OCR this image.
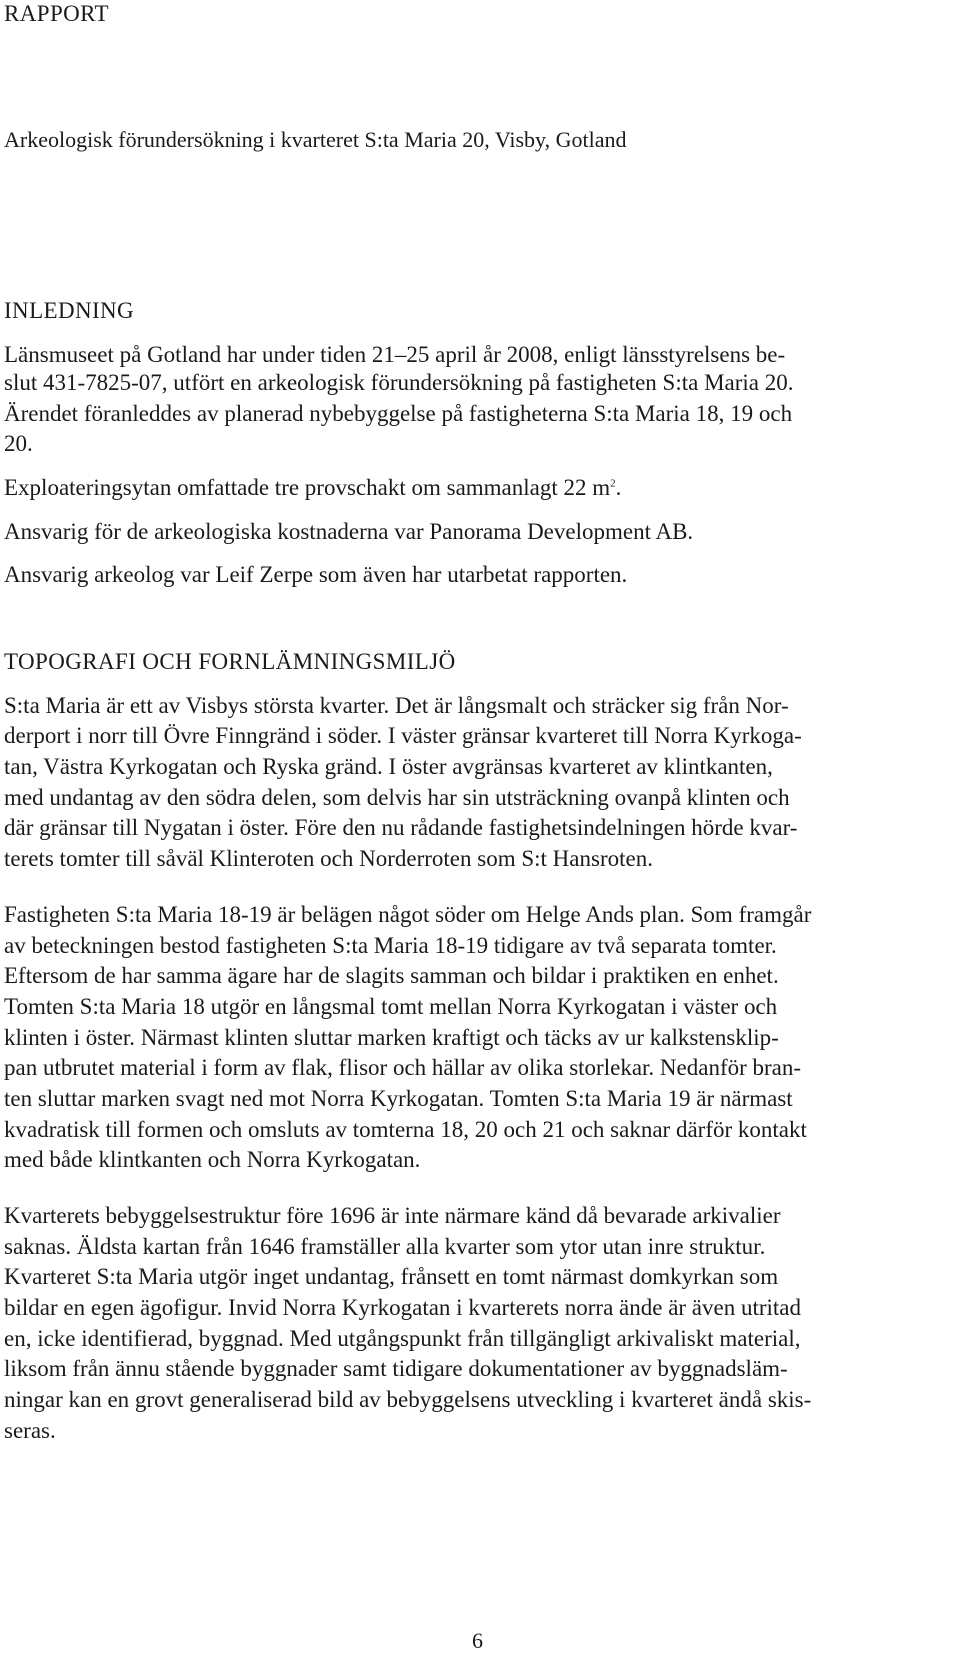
RAPPORT

Arkeologisk förundersökning i kvarteret S:ta Maria 20, Visby, Gotland

INLEDNING

Länsmuseet på Gotland har under tiden 21–25 april år 2008, enligt länsstyrelsens be-

slut 431-7825-07, utfört en arkeologisk förundersökning på fastigheten S:ta Maria 20.

Ärendet föranleddes av planerad nybebyggelse på fastigheterna S:ta Maria 18, 19 och

20.

Exploateringsytan omfattade tre provschakt om sammanlagt 22 $m^2$.

Ansvarig för de arkeologiska kostnaderna var Panorama Development AB.

Ansvarig arkeolog var Leif Zerpe som även har utarbetat rapporten.

TOPOGRAFI OCH FORNLÄMNINGSMILJÖ

S:ta Maria är ett av Visbys största kvarter. Det är långsmalt och sträcker sig från Nor-

derport i norr till Övre Finngränd i söder. I väster gränsar kvarteret till Norra Kyrkoga-

tan, Västra Kyrkogatan och Ryska gränd. I öster avgränsas kvarteret av klintkanten,

med undantag av den södra delen, som delvis har sin utsträckning ovanpå klinten och

där gränsar till Nygatan i öster. Före den nu rådande fastighetsindelningen hörde kvar-

terets tomter till såväl Klinteroten och Norderroten som S:t Hansroten.

Fastigheten S:ta Maria 18-19 är belägen något söder om Helge Ands plan. Som framgår

av beteckningen bestod fastigheten S:ta Maria 18-19 tidigare av två separata tomter.

Eftersom de har samma ägare har de slagits samman och bildar i praktiken en enhet.

Tomten S:ta Maria 18 utgör en långsmal tomt mellan Norra Kyrkogatan i väster och

klinten i öster. Närmast klinten sluttar marken kraftigt och täcks av ur kalkstensklip-

pan utbrutet material i form av flak, flisor och hällar av olika storlekar. Nedanför bran-

ten sluttar marken svagt ned mot Norra Kyrkogatan. Tomten S:ta Maria 19 är närmast

kvadratisk till formen och omsluts av tomterna 18, 20 och 21 och saknar därför kontakt

med både klintkanten och Norra Kyrkogatan.

Kvarterets bebyggelsestruktur före 1696 är inte närmare känd då bevarade arkivalier

saknas. Äldsta kartan från 1646 framställer alla kvarter som ytor utan inre struktur.

Kvarteret S:ta Maria utgör inget undantag, frånsett en tomt närmast domkyrkan som

bildar en egen ägofigur. Invid Norra Kyrkogatan i kvarterets norra ände är även utritad

en, icke identifierad, byggnad. Med utgångspunkt från tillgängligt arkivaliskt material,

liksom från ännu stående byggnader samt tidigare dokumentationer av byggnadsläm-

ningar kan en grovt generaliserad bild av bebyggelsens utveckling i kvarteret ändå skis-

seras.

6
